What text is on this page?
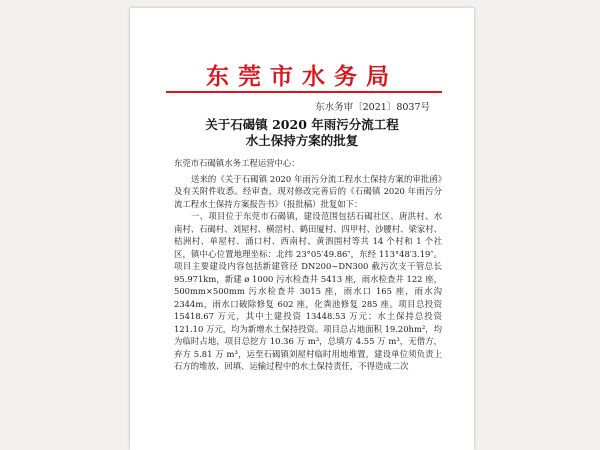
东莞市水务局
东水务审〔2021〕8037号
关于石碣镇 2020 年雨污分流工程
水土保持方案的批复

东莞市石碣镇水务工程运营中心：

送来的《关于石碣镇 2020 年雨污分流工程水土保持方案的审批函》及有关附件收悉。经审查，现对修改完善后的《石碣镇 2020 年雨污分流工程水土保持方案报告书》（报批稿）批复如下：

一、项目位于东莞市石碣镇，建设范围包括石碣社区、唐洪村、水南村、石碣村、刘屋村、横滘村、鹤田厦村、四甲村、沙腰村、梁家村、桔洲村、单屋村、涌口村、西南村、黄泗围村等共 14 个村和 1 个社区，镇中心位置地理坐标：北纬 23°05′49.86″，东经 113°48′3.19″。项目主要建设内容包括新建管径 DN200~DN300 截污次支干管总长 95.971km，新建 ø 1000 污水检查井 5413 座，雨水检查井 122 座，500mm×500mm 污水检查井 3015 座，雨水口 165 座，雨水沟 2344m，雨水口破除修复 602 座，化粪池修复 285 座。项目总投资 15418.67 万元，其中土建投资 13448.53 万元；水土保持总投资 121.10 万元，均为新增水土保持投资。项目总占地面积 19.20hm²，均为临时占地，项目总挖方 10.36 万 m³，总填方 4.55 万 m³，无借方，弃方 5.81 万 m³，运至石碣镇刘屋村临时用地堆置，建设单位须负责上石方的堆放、回填、运输过程中的水土保持责任，不得造成二次
